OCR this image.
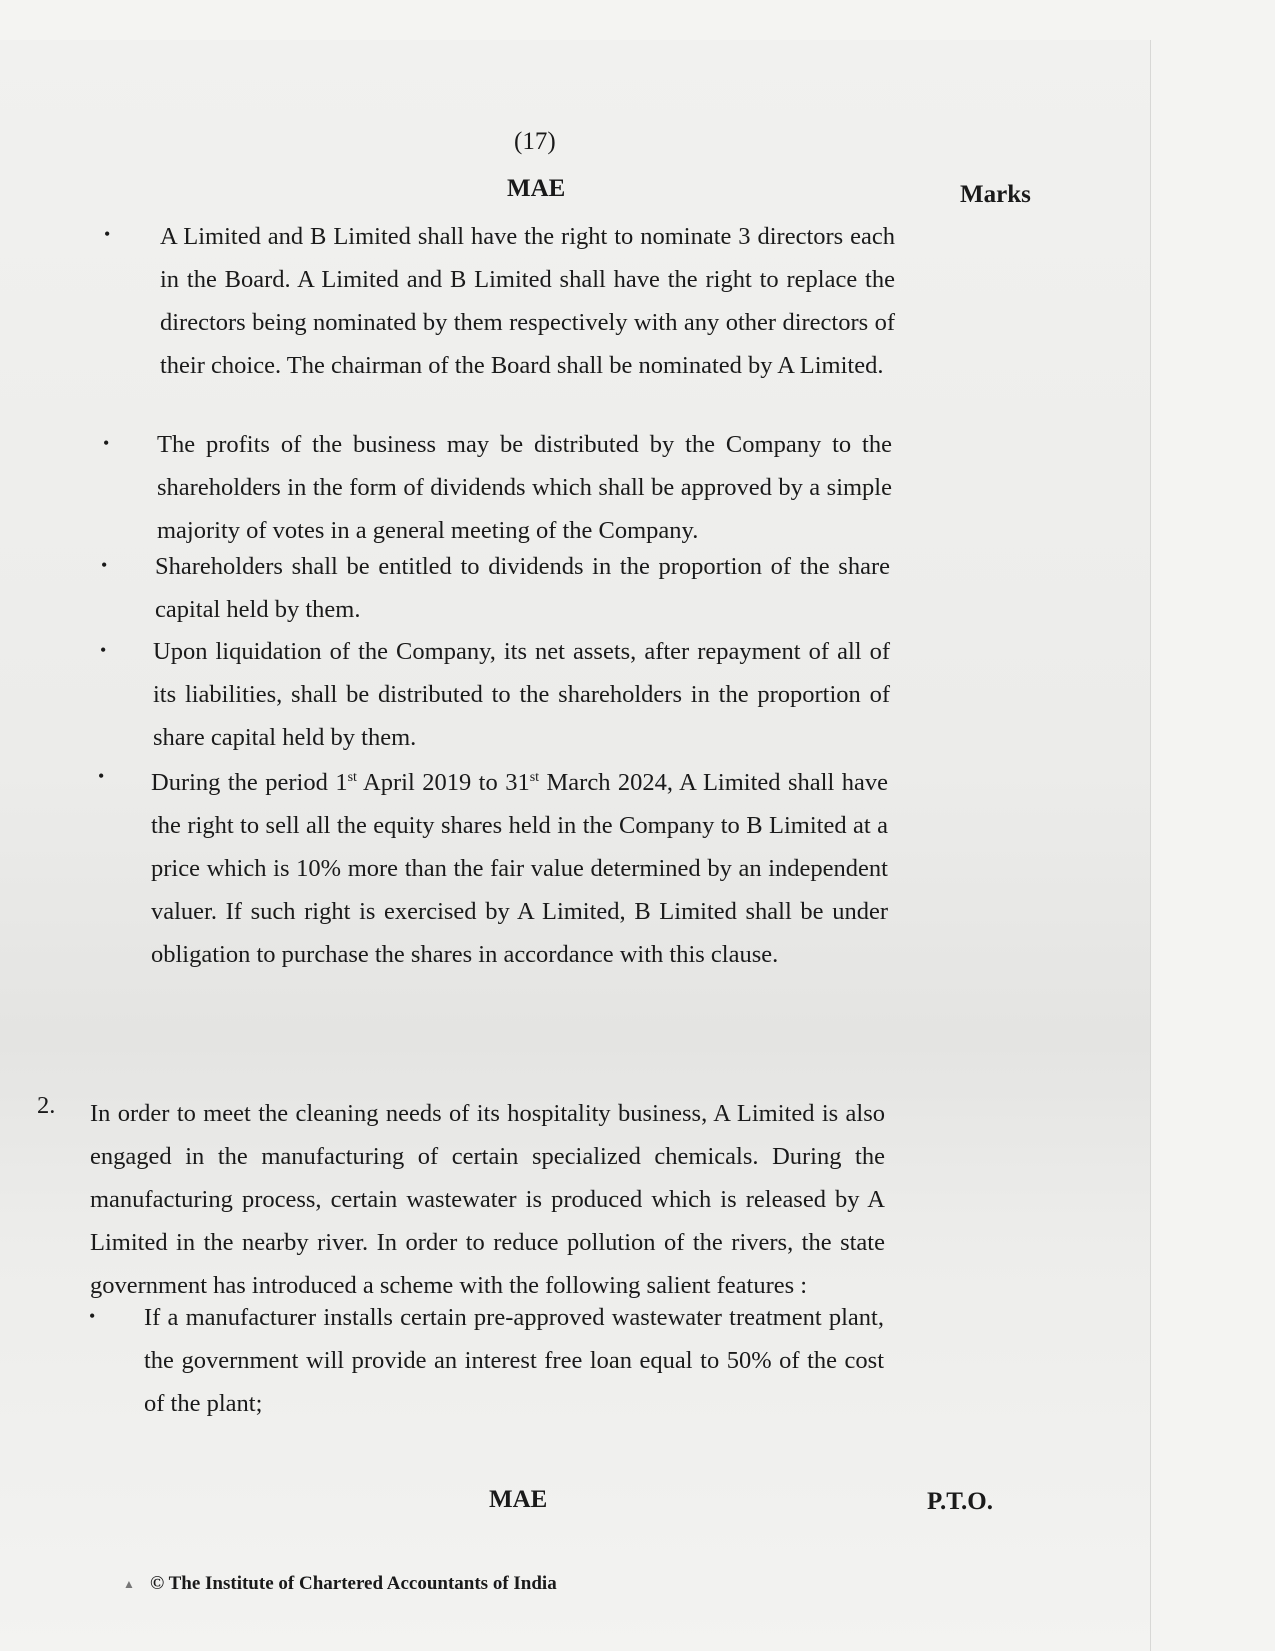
(17)
MAE	Marks
• A Limited and B Limited shall have the right to nominate 3 directors each in the Board. A Limited and B Limited shall have the right to replace the directors being nominated by them respectively with any other directors of their choice. The chairman of the Board shall be nominated by A Limited.
• The profits of the business may be distributed by the Company to the shareholders in the form of dividends which shall be approved by a simple majority of votes in a general meeting of the Company.
• Shareholders shall be entitled to dividends in the proportion of the share capital held by them.
• Upon liquidation of the Company, its net assets, after repayment of all of its liabilities, shall be distributed to the shareholders in the proportion of share capital held by them.
• During the period 1st April 2019 to 31st March 2024, A Limited shall have the right to sell all the equity shares held in the Company to B Limited at a price which is 10% more than the fair value determined by an independent valuer. If such right is exercised by A Limited, B Limited shall be under obligation to purchase the shares in accordance with this clause.
2. In order to meet the cleaning needs of its hospitality business, A Limited is also engaged in the manufacturing of certain specialized chemicals. During the manufacturing process, certain wastewater is produced which is released by A Limited in the nearby river. In order to reduce pollution of the rivers, the state government has introduced a scheme with the following salient features :
• If a manufacturer installs certain pre-approved wastewater treatment plant, the government will provide an interest free loan equal to 50% of the cost of the plant;
MAE	P.T.O.
▲ © The Institute of Chartered Accountants of India
